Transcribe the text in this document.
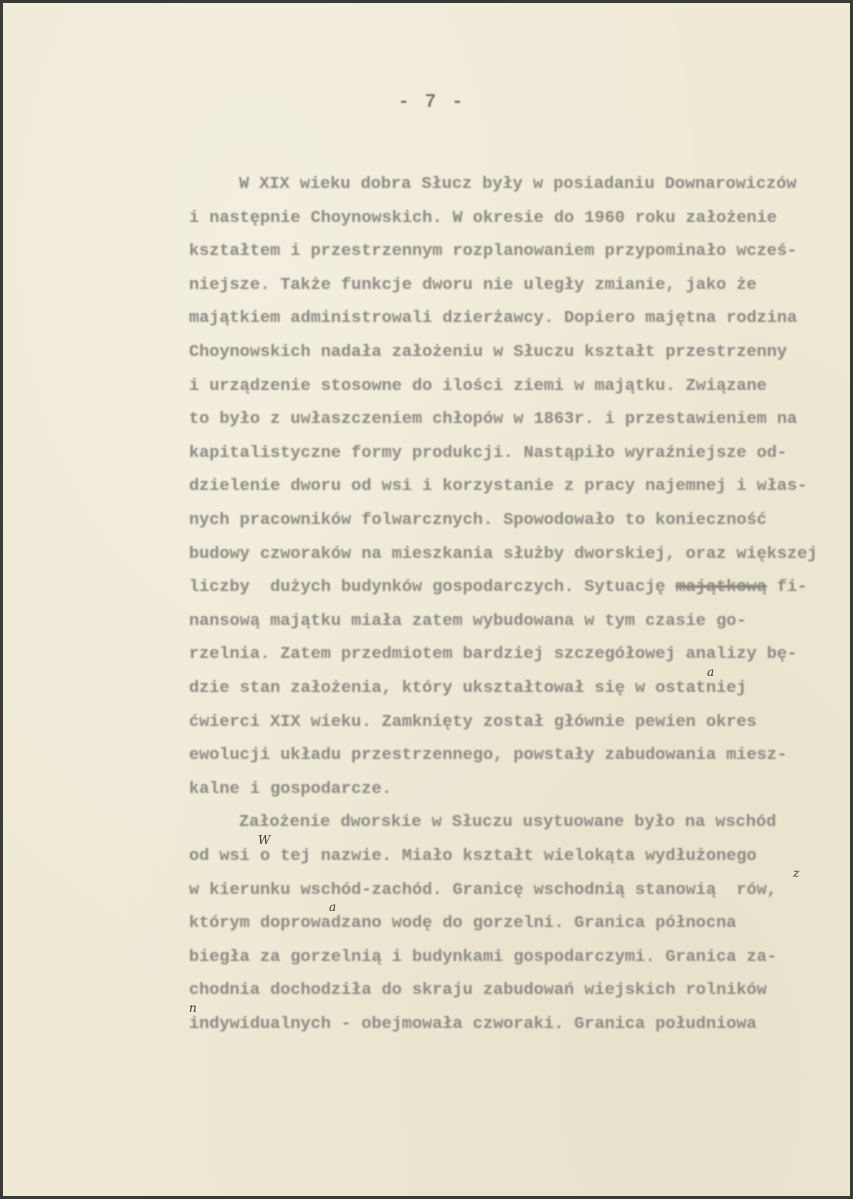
- 7 -
W XIX wieku dobra Słucz były w posiadaniu Downarowiczów
i następnie Choynowskich. W okresie do 1960 roku założenie
kształtem i przestrzennym rozplanowaniem przypominało wcześ-
niejsze. Także funkcje dworu nie uległy zmianie, jako że
majątkiem administrowali dzierżawcy. Dopiero majętna rodzina
Choynowskich nadała założeniu w Słuczu kształt przestrzenny
i urządzenie stosowne do ilości ziemi w majątku. Związane
to było z uwłaszczeniem chłopów w 1863r. i przestawieniem na
kapitalistyczne formy produkcji. Nastąpiło wyraźniejsze od-
dzielenie dworu od wsi i korzystanie z pracy najemnej i włas-
nych pracowników folwarcznych. Spowodowało to konieczność
budowy czworaków na mieszkania służby dworskiej, oraz większej
liczby  dużych budynków gospodarczych. Sytuację majątkową fi-
nansową majątku miała zatem wybudowana w tym czasie go-
rzelnia. Zatem przedmiotem bardziej szczegółowej analizy bę-
dzie stan założenia, który ukształtował się w ostatniej
ćwierci XIX wieku. Zamknięty został głównie pewien okres
ewolucji układu przestrzennego, powstały zabudowania miesz-
kalne i gospodarcze.
Założenie dworskie w Słuczu usytuowane było na wschód
od wsi o tej nazwie. Miało kształt wielokąta wydłużonego
w kierunku wschód-zachód. Granicę wschodnią stanowią  rów,
którym doprowadzano wodę do gorzelni. Granica północna
biegła za gorzelnią i budynkami gospodarczymi. Granica za-
chodnia dochodziła do skraju zabudowań wiejskich rolników
indywidualnych - obejmowała czworaki. Granica południowa
a
W
a
n
z
